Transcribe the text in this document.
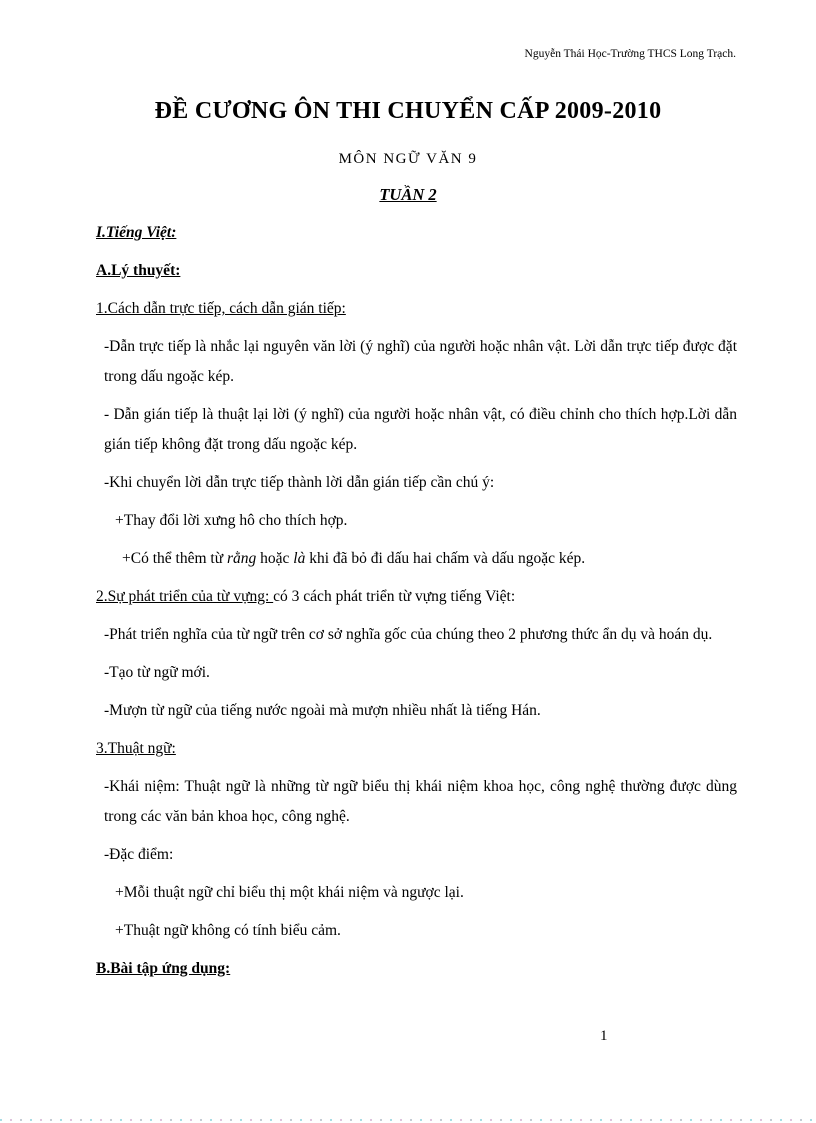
Nguyễn Thái Học-Trường THCS Long Trạch.
ĐỀ CƯƠNG ÔN THI CHUYỂN CẤP 2009-2010
MÔN NGỮ VĂN 9
TUẦN 2

I.Tiếng Việt:

A.Lý thuyết:

1.Cách dẫn trực tiếp, cách dẫn gián tiếp:

-Dẫn trực tiếp là nhắc lại nguyên văn lời (ý nghĩ) của người hoặc nhân vật. Lời dẫn trực tiếp được đặt trong dấu ngoặc kép.

- Dẫn gián tiếp là thuật lại lời (ý nghĩ) của người hoặc nhân vật, có điều chỉnh cho thích hợp.Lời dẫn gián tiếp không đặt trong dấu ngoặc kép.

-Khi chuyển lời dẫn trực tiếp thành lời dẫn gián tiếp cần chú ý:

+Thay đổi lời xưng hô cho thích hợp.

+Có thể thêm từ rằng hoặc là khi đã bỏ đi dấu hai chấm và dấu ngoặc kép.

2.Sự phát triển của từ vựng: có 3 cách phát triển từ vựng tiếng Việt:

-Phát triển nghĩa của từ ngữ trên cơ sở nghĩa gốc của chúng theo 2 phương thức ẩn dụ và hoán dụ.

-Tạo từ ngữ mới.

-Mượn từ ngữ của tiếng nước ngoài mà mượn nhiều nhất là tiếng Hán.

3.Thuật ngữ:

-Khái niệm: Thuật ngữ là những từ ngữ biểu thị khái niệm khoa học, công nghệ thường được dùng trong các văn bản khoa học, công nghệ.

-Đặc điểm:

+Mỗi thuật ngữ chỉ biểu thị một khái niệm và ngược lại.

+Thuật ngữ không có tính biểu cảm.

B.Bài tập ứng dụng:

1
